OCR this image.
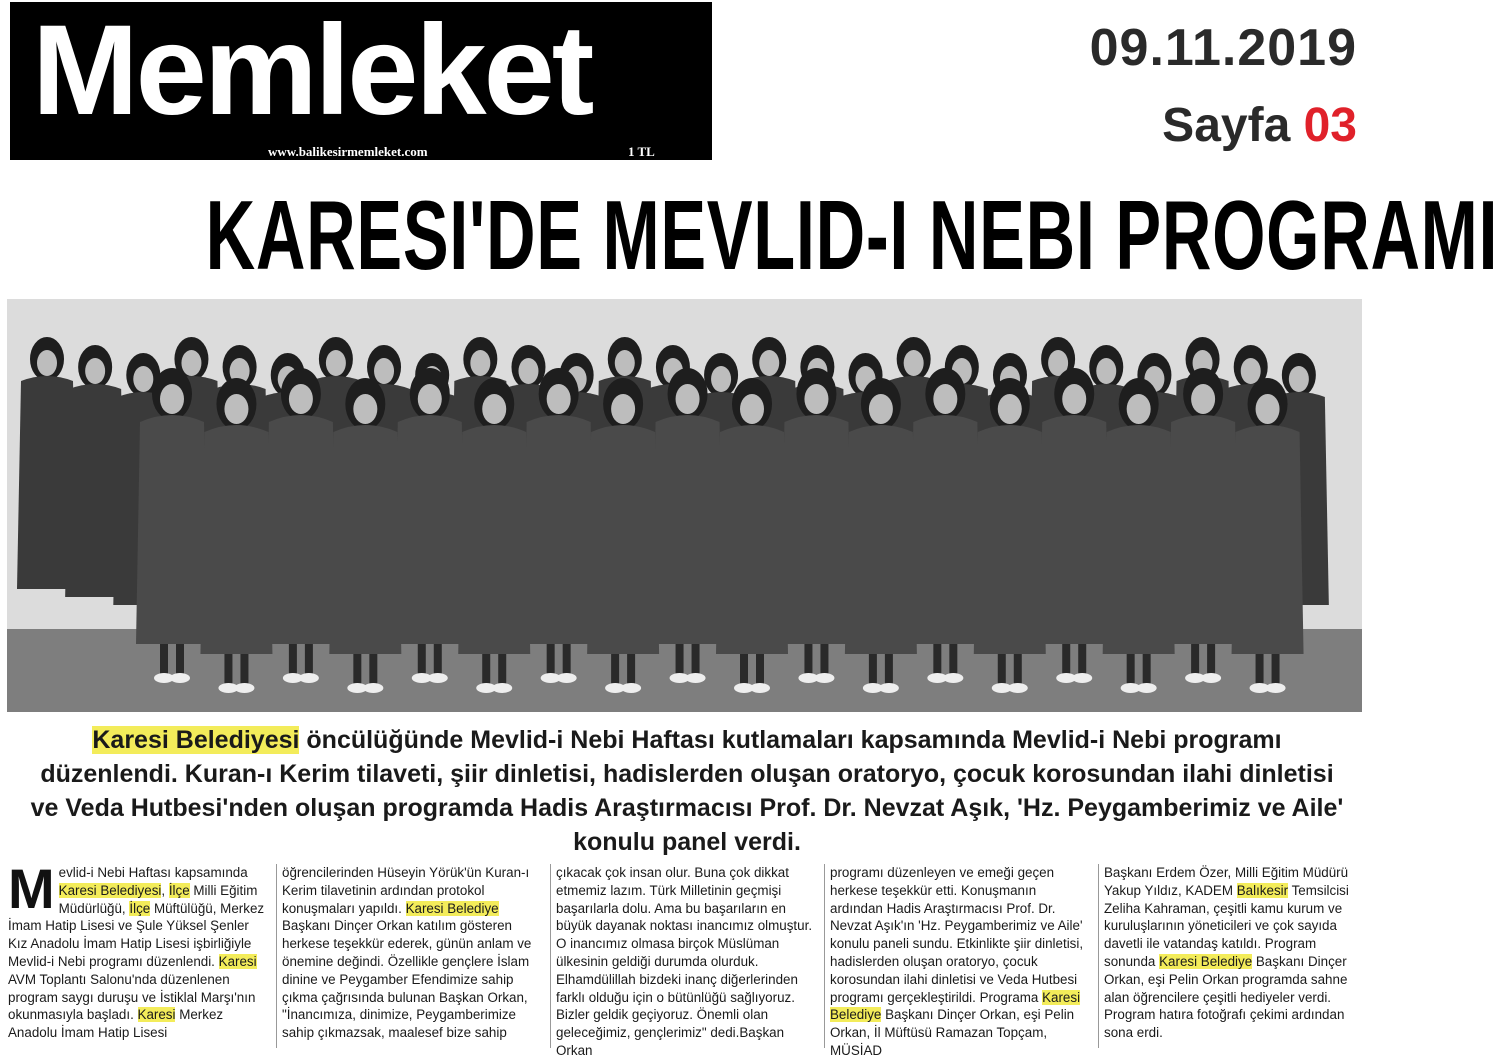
Memleket
www.balikesirmemleket.com	1 TL
09.11.2019
Sayfa 03
KARESI'DE MEVLID-I NEBI PROGRAMI
Karesi Belediyesi öncülüğünde Mevlid-i Nebi Haftası kutlamaları kapsamında Mevlid-i Nebi programı düzenlendi. Kuran-ı Kerim tilaveti, şiir dinletisi, hadislerden oluşan oratoryo, çocuk korosundan ilahi dinletisi ve Veda Hutbesi'nden oluşan programda Hadis Araştırmacısı Prof. Dr. Nevzat Aşık, 'Hz. Peygamberimiz ve Aile' konulu panel verdi.
M evlid-i Nebi Haftası kapsamında Karesi Belediyesi, İlçe Milli Eğitim Müdürlüğü, İlçe Müftülüğü, Merkez İmam Hatip Lisesi ve Şule Yüksel Şenler Kız Anadolu İmam Hatip Lisesi işbirliğiyle Mevlid-i Nebi programı düzenlendi. Karesi AVM Toplantı Salonu'nda düzenlenen program saygı duruşu ve İstiklal Marşı'nın okunmasıyla başladı. Karesi Merkez Anadolu İmam Hatip Lisesi
öğrencilerinden Hüseyin Yörük'ün Kuran-ı Kerim tilavetinin ardından protokol konuşmaları yapıldı. Karesi Belediye Başkanı Dinçer Orkan katılım gösteren herkese teşekkür ederek, günün anlam ve önemine değindi. Özellikle gençlere İslam dinine ve Peygamber Efendimize sahip çıkma çağrısında bulunan Başkan Orkan, "İnancımıza, dinimize, Peygamberimize sahip çıkmazsak, maalesef bize sahip
çıkacak çok insan olur. Buna çok dikkat etmemiz lazım. Türk Milletinin geçmişi başarılarla dolu. Ama bu başarıların en büyük dayanak noktası inancımız olmuştur. O inancımız olmasa birçok Müslüman ülkesinin geldiği durumda olurduk. Elhamdülillah bizdeki inanç diğerlerinden farklı olduğu için o bütünlüğü sağlıyoruz. Bizler geldik geçiyoruz. Önemli olan geleceğimiz, gençlerimiz" dedi.Başkan Orkan
programı düzenleyen ve emeği geçen herkese teşekkür etti. Konuşmanın ardından Hadis Araştırmacısı Prof. Dr. Nevzat Aşık'ın 'Hz. Peygamberimiz ve Aile' konulu paneli sundu. Etkinlikte şiir dinletisi, hadislerden oluşan oratoryo, çocuk korosundan ilahi dinletisi ve Veda Hutbesi programı gerçekleştirildi. Programa Karesi Belediye Başkanı Dinçer Orkan, eşi Pelin Orkan, İl Müftüsü Ramazan Topçam, MÜSİAD
Başkanı Erdem Özer, Milli Eğitim Müdürü Yakup Yıldız, KADEM Balıkesir Temsilcisi Zeliha Kahraman, çeşitli kamu kurum ve kuruluşlarının yöneticileri ve çok sayıda davetli ile vatandaş katıldı. Program sonunda Karesi Belediye Başkanı Dinçer Orkan, eşi Pelin Orkan programda sahne alan öğrencilere çeşitli hediyeler verdi. Program hatıra fotoğrafı çekimi ardından sona erdi.
